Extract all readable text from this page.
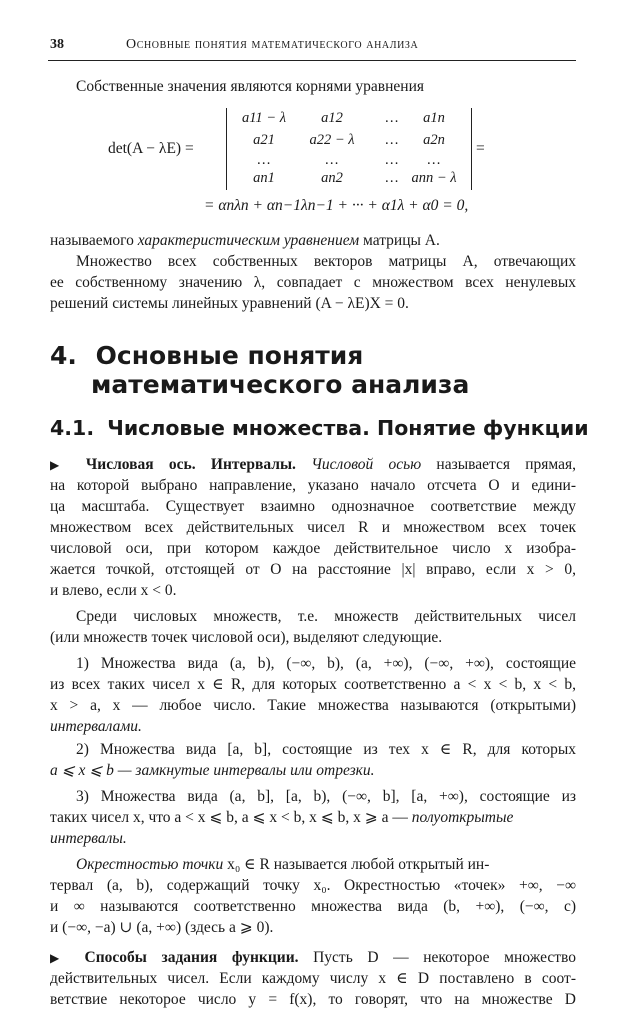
38	Основные понятия математического анализа
Собственные значения являются корнями уравнения
det(A − λE) =
a11 − λ	a12	…	a1n
a21	a22 − λ	…	a2n
…	…	…	…
an1	an2	… ann − λ
=
= αnλn + αn−1λn−1 + ··· + α1λ + α0 = 0,
называемого характеристическим уравнением матрицы A.
Множество всех собственных векторов матрицы A, отвечающих
ее собственному значению λ, совпадает с множеством всех ненулевых
решений системы линейных уравнений (A − λE)X = 0.
4. Основные понятия
математического анализа
4.1. Числовые множества. Понятие функции
▶ Числовая ось. Интервалы. Числовой осью называется прямая,
на которой выбрано направление, указано начало отсчета O и едини-
ца масштаба. Существует взаимно однозначное соответствие между
множеством всех действительных чисел R и множеством всех точек
числовой оси, при котором каждое действительное число x изобра-
жается точкой, отстоящей от O на расстояние |x| вправо, если x > 0,
и влево, если x < 0.
Среди числовых множеств, т.е. множеств действительных чисел
(или множеств точек числовой оси), выделяют следующие.
1) Множества вида (a, b), (−∞, b), (a, +∞), (−∞, +∞), состоящие
из всех таких чисел x ∈ R, для которых соответственно a < x < b, x < b,
x > a, x — любое число. Такие множества называются (открытыми)
интервалами.
2) Множества вида [a, b], состоящие из тех x ∈ R, для которых
a ⩽ x ⩽ b — замкнутые интервалы или отрезки.
3) Множества вида (a, b], [a, b), (−∞, b], [a, +∞), состоящие из
таких чисел x, что a < x ⩽ b, a ⩽ x < b, x ⩽ b, x ⩾ a — полуоткрытые
интервалы.
Окрестностью точки x₀ ∈ R называется любой открытый ин-
тервал (a, b), содержащий точку x₀. Окрестностью «точек» +∞, −∞
и ∞ называются соответственно множества вида (b, +∞), (−∞, c)
и (−∞, −a) ∪ (a, +∞) (здесь a ⩾ 0).
▶ Способы задания функции. Пусть D — некоторое множество
действительных чисел. Если каждому числу x ∈ D поставлено в соот-
ветствие некоторое число y = f(x), то говорят, что на множестве D
